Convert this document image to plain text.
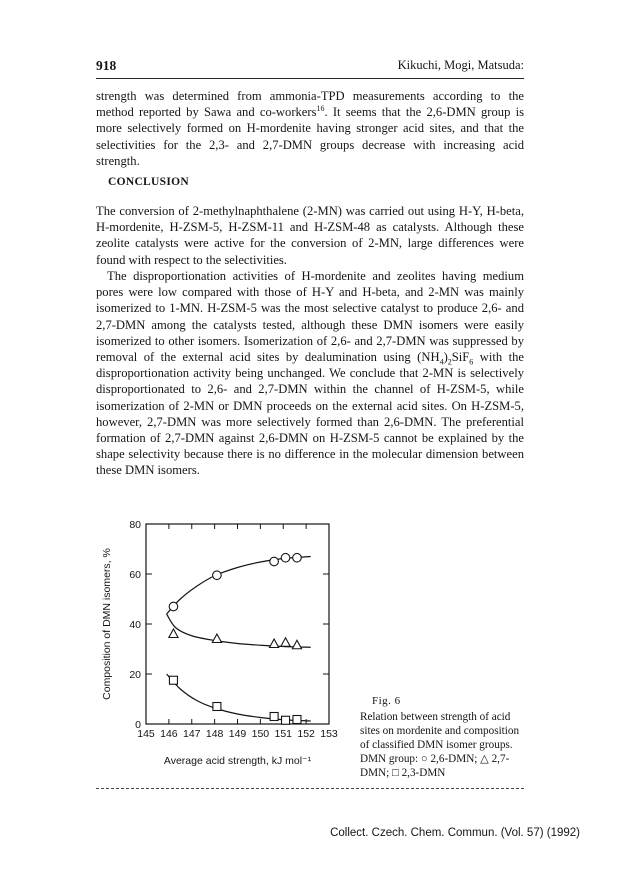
918	Kikuchi, Mogi, Matsuda:
strength was determined from ammonia-TPD measurements according to the method reported by Sawa and co-workers$^{16}$. It seems that the 2,6-DMN group is more selectively formed on H-mordenite having stronger acid sites, and that the selectivities for the 2,3- and 2,7-DMN groups decrease with increasing acid strength.
CONCLUSION
The conversion of 2-methylnaphthalene (2-MN) was carried out using H-Y, H-beta, H-mordenite, H-ZSM-5, H-ZSM-11 and H-ZSM-48 as catalysts. Although these zeolite catalysts were active for the conversion of 2-MN, large differences were found with respect to the selectivities.
The disproportionation activities of H-mordenite and zeolites having medium pores were low compared with those of H-Y and H-beta, and 2-MN was mainly isomerized to 1-MN. H-ZSM-5 was the most selective catalyst to produce 2,6- and 2,7-DMN among the catalysts tested, although these DMN isomers were easily isomerized to other isomers. Isomerization of 2,6- and 2,7-DMN was suppressed by removal of the external acid sites by dealumination using $(NH_4)_2SiF_6$ with the disproportionation activity being unchanged. We conclude that 2-MN is selectively disproportionated to 2,6- and 2,7-DMN within the channel of H-ZSM-5, while isomerization of 2-MN or DMN proceeds on the external acid sites. On H-ZSM-5, however, 2,7-DMN was more selectively formed than 2,6-DMN. The preferential formation of 2,7-DMN against 2,6-DMN on H-ZSM-5 cannot be explained by the shape selectivity because there is no difference in the molecular dimension between these DMN isomers.
0
20
40
60
80
145 146 147 148 149 150 151 152 153
Average acid strength, kJ mol⁻¹
Composition of DMN isomers, %
Fig. 6
Relation between strength of acid sites on mordenite and composition of classified DMN isomer groups. DMN group: ○ 2,6-DMN; △ 2,7-DMN; □ 2,3-DMN
Collect. Czech. Chem. Commun. (Vol. 57) (1992)
